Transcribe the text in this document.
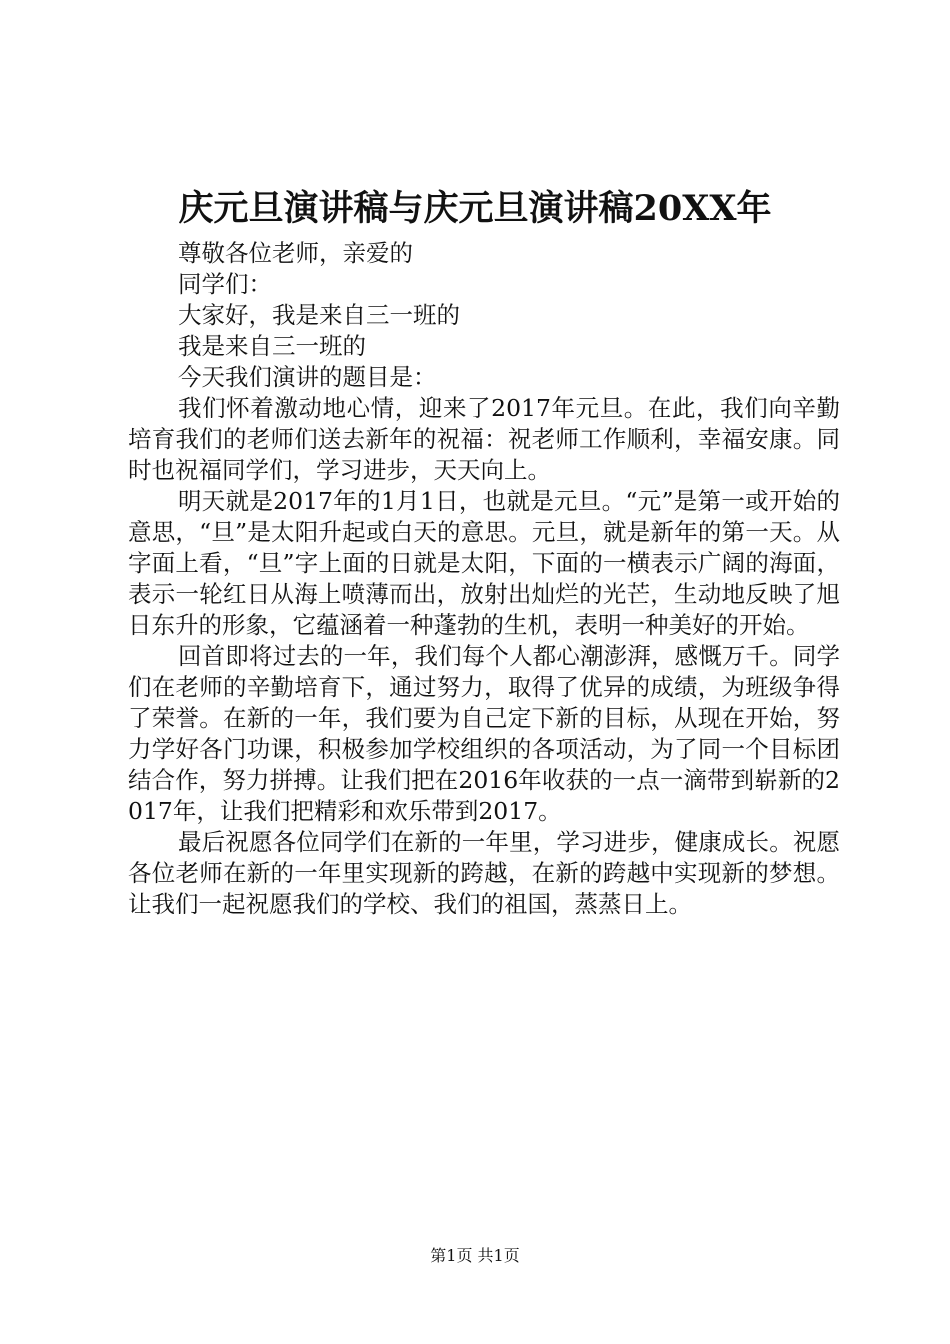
庆元旦演讲稿与庆元旦演讲稿20XX年

尊敬各位老师，亲爱的

同学们：

大家好，我是来自三一班的

我是来自三一班的

今天我们演讲的题目是：

我们怀着激动地心情，迎来了2017年元旦。在此，我们向辛勤培育我们的老师们送去新年的祝福：祝老师工作顺利，幸福安康。同时也祝福同学们，学习进步，天天向上。

明天就是2017年的1月1日，也就是元旦。“元”是第一或开始的意思，“旦”是太阳升起或白天的意思。元旦，就是新年的第一天。从字面上看，“旦”字上面的日就是太阳，下面的一横表示广阔的海面，表示一轮红日从海上喷薄而出，放射出灿烂的光芒，生动地反映了旭日东升的形象，它蕴涵着一种蓬勃的生机，表明一种美好的开始。

回首即将过去的一年，我们每个人都心潮澎湃，感慨万千。同学们在老师的辛勤培育下，通过努力，取得了优异的成绩，为班级争得了荣誉。在新的一年，我们要为自己定下新的目标，从现在开始，努力学好各门功课，积极参加学校组织的各项活动，为了同一个目标团结合作，努力拼搏。让我们把在2016年收获的一点一滴带到崭新的2017年，让我们把精彩和欢乐带到2017。

最后祝愿各位同学们在新的一年里，学习进步，健康成长。祝愿各位老师在新的一年里实现新的跨越，在新的跨越中实现新的梦想。让我们一起祝愿我们的学校、我们的祖国，蒸蒸日上。

第1页 共1页
